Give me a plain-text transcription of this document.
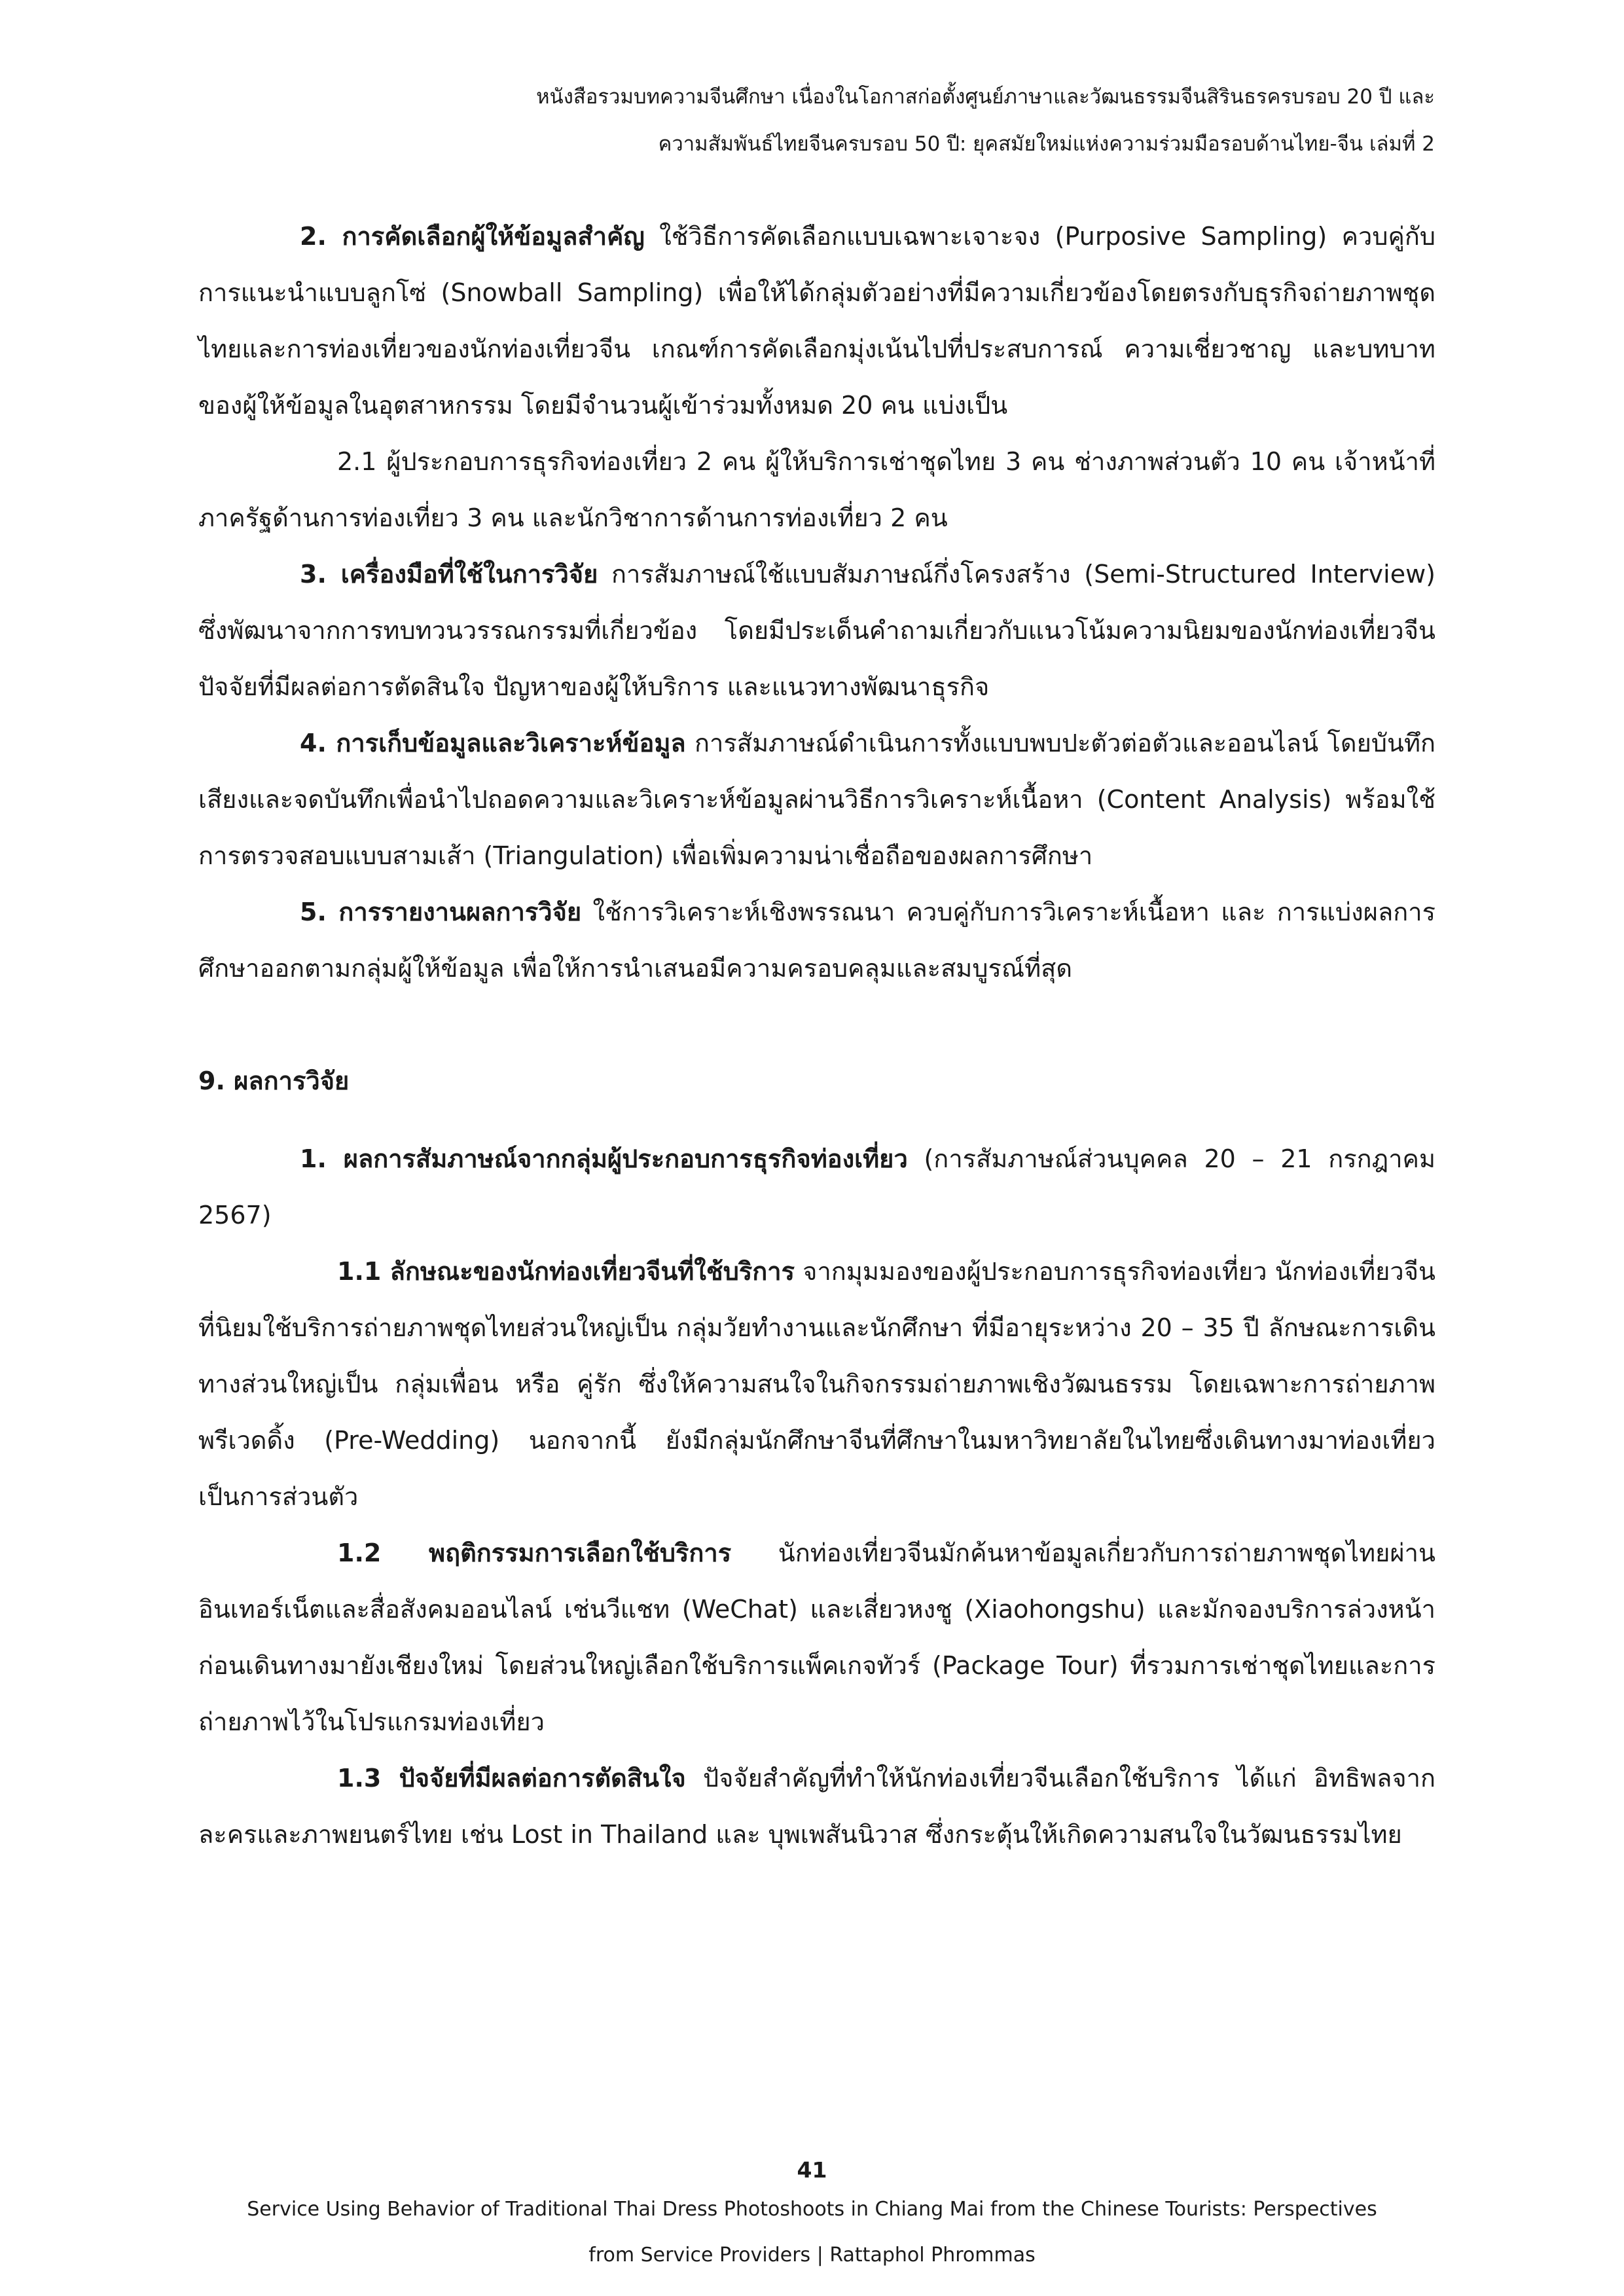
หนังสือรวมบทความจีนศึกษา เนื่องในโอกาสก่อตั้งศูนย์ภาษาและวัฒนธรรมจีนสิรินธรครบรอบ 20 ปี และ
ความสัมพันธ์ไทยจีนครบรอบ 50 ปี: ยุคสมัยใหม่แห่งความร่วมมือรอบด้านไทย-จีน เล่มที่ 2

2. การคัดเลือกผู้ให้ข้อมูลสำคัญ ใช้วิธีการคัดเลือกแบบเฉพาะเจาะจง (Purposive Sampling) ควบคู่กับการแนะนำแบบลูกโซ่ (Snowball Sampling) เพื่อให้ได้กลุ่มตัวอย่างที่มีความเกี่ยวข้องโดยตรงกับธุรกิจถ่ายภาพชุดไทยและการท่องเที่ยวของนักท่องเที่ยวจีน เกณฑ์การคัดเลือกมุ่งเน้นไปที่ประสบการณ์ ความเชี่ยวชาญ และบทบาทของผู้ให้ข้อมูลในอุตสาหกรรม โดยมีจำนวนผู้เข้าร่วมทั้งหมด 20 คน แบ่งเป็น

2.1 ผู้ประกอบการธุรกิจท่องเที่ยว 2 คน ผู้ให้บริการเช่าชุดไทย 3 คน ช่างภาพส่วนตัว 10 คน เจ้าหน้าที่ภาครัฐด้านการท่องเที่ยว 3 คน และนักวิชาการด้านการท่องเที่ยว 2 คน

3. เครื่องมือที่ใช้ในการวิจัย การสัมภาษณ์ใช้แบบสัมภาษณ์กึ่งโครงสร้าง (Semi-Structured Interview) ซึ่งพัฒนาจากการทบทวนวรรณกรรมที่เกี่ยวข้อง โดยมีประเด็นคำถามเกี่ยวกับแนวโน้มความนิยมของนักท่องเที่ยวจีน ปัจจัยที่มีผลต่อการตัดสินใจ ปัญหาของผู้ให้บริการ และแนวทางพัฒนาธุรกิจ

4. การเก็บข้อมูลและวิเคราะห์ข้อมูล การสัมภาษณ์ดำเนินการทั้งแบบพบปะตัวต่อตัวและออนไลน์ โดยบันทึกเสียงและจดบันทึกเพื่อนำไปถอดความและวิเคราะห์ข้อมูลผ่านวิธีการวิเคราะห์เนื้อหา (Content Analysis) พร้อมใช้การตรวจสอบแบบสามเส้า (Triangulation) เพื่อเพิ่มความน่าเชื่อถือของผลการศึกษา

5. การรายงานผลการวิจัย ใช้การวิเคราะห์เชิงพรรณนา ควบคู่กับการวิเคราะห์เนื้อหา และ การแบ่งผลการศึกษาออกตามกลุ่มผู้ให้ข้อมูล เพื่อให้การนำเสนอมีความครอบคลุมและสมบูรณ์ที่สุด

9. ผลการวิจัย

1. ผลการสัมภาษณ์จากกลุ่มผู้ประกอบการธุรกิจท่องเที่ยว (การสัมภาษณ์ส่วนบุคคล 20 – 21 กรกฎาคม 2567)

1.1 ลักษณะของนักท่องเที่ยวจีนที่ใช้บริการ จากมุมมองของผู้ประกอบการธุรกิจท่องเที่ยว นักท่องเที่ยวจีนที่นิยมใช้บริการถ่ายภาพชุดไทยส่วนใหญ่เป็น กลุ่มวัยทำงานและนักศึกษา ที่มีอายุระหว่าง 20 – 35 ปี ลักษณะการเดินทางส่วนใหญ่เป็น กลุ่มเพื่อน หรือ คู่รัก ซึ่งให้ความสนใจในกิจกรรมถ่ายภาพเชิงวัฒนธรรม โดยเฉพาะการถ่ายภาพพรีเวดดิ้ง (Pre-Wedding) นอกจากนี้ ยังมีกลุ่มนักศึกษาจีนที่ศึกษาในมหาวิทยาลัยในไทยซึ่งเดินทางมาท่องเที่ยวเป็นการส่วนตัว

1.2 พฤติกรรมการเลือกใช้บริการ นักท่องเที่ยวจีนมักค้นหาข้อมูลเกี่ยวกับการถ่ายภาพชุดไทยผ่าน อินเทอร์เน็ตและสื่อสังคมออนไลน์ เช่นวีแชท (WeChat) และเสี่ยวหงชู (Xiaohongshu) และมักจองบริการล่วงหน้า ก่อนเดินทางมายังเชียงใหม่ โดยส่วนใหญ่เลือกใช้บริการแพ็คเกจทัวร์ (Package Tour) ที่รวมการเช่าชุดไทยและการถ่ายภาพไว้ในโปรแกรมท่องเที่ยว

1.3 ปัจจัยที่มีผลต่อการตัดสินใจ ปัจจัยสำคัญที่ทำให้นักท่องเที่ยวจีนเลือกใช้บริการ ได้แก่ อิทธิพลจากละครและภาพยนตร์ไทย เช่น Lost in Thailand และ บุพเพสันนิวาส ซึ่งกระตุ้นให้เกิดความสนใจในวัฒนธรรมไทย

41
Service Using Behavior of Traditional Thai Dress Photoshoots in Chiang Mai from the Chinese Tourists: Perspectives
from Service Providers | Rattaphol Phrommas
